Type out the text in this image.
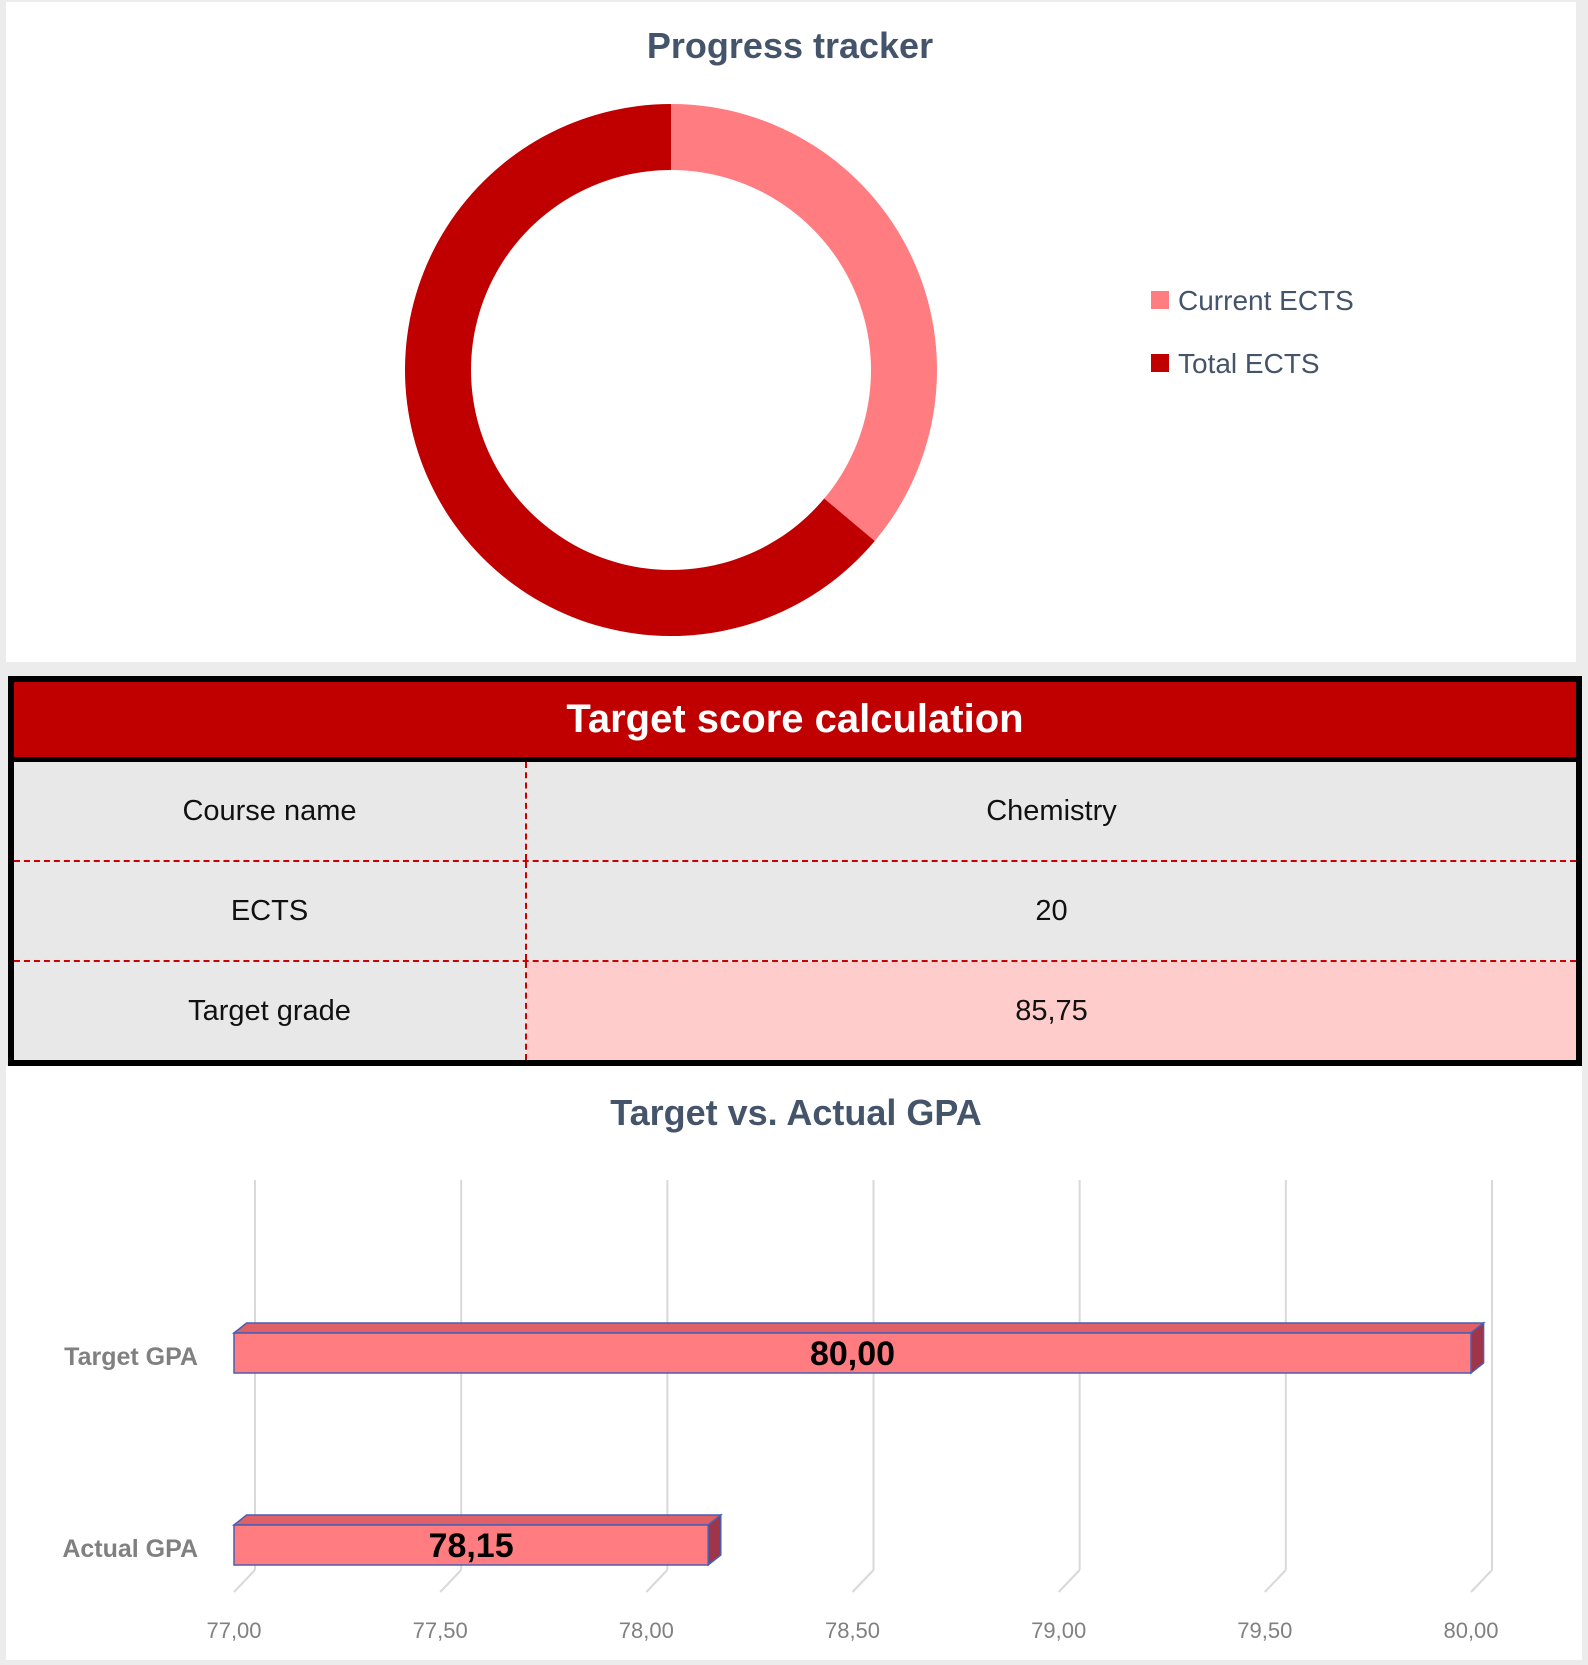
Progress tracker
Current ECTS
Total ECTS
Target score calculation
Course name	Chemistry
ECTS	20
Target grade	85,75
Target vs. Actual GPA
77,00	77,50	78,00	78,50	79,00	79,50	80,00
80,00
78,15
Target GPA
Actual GPA
